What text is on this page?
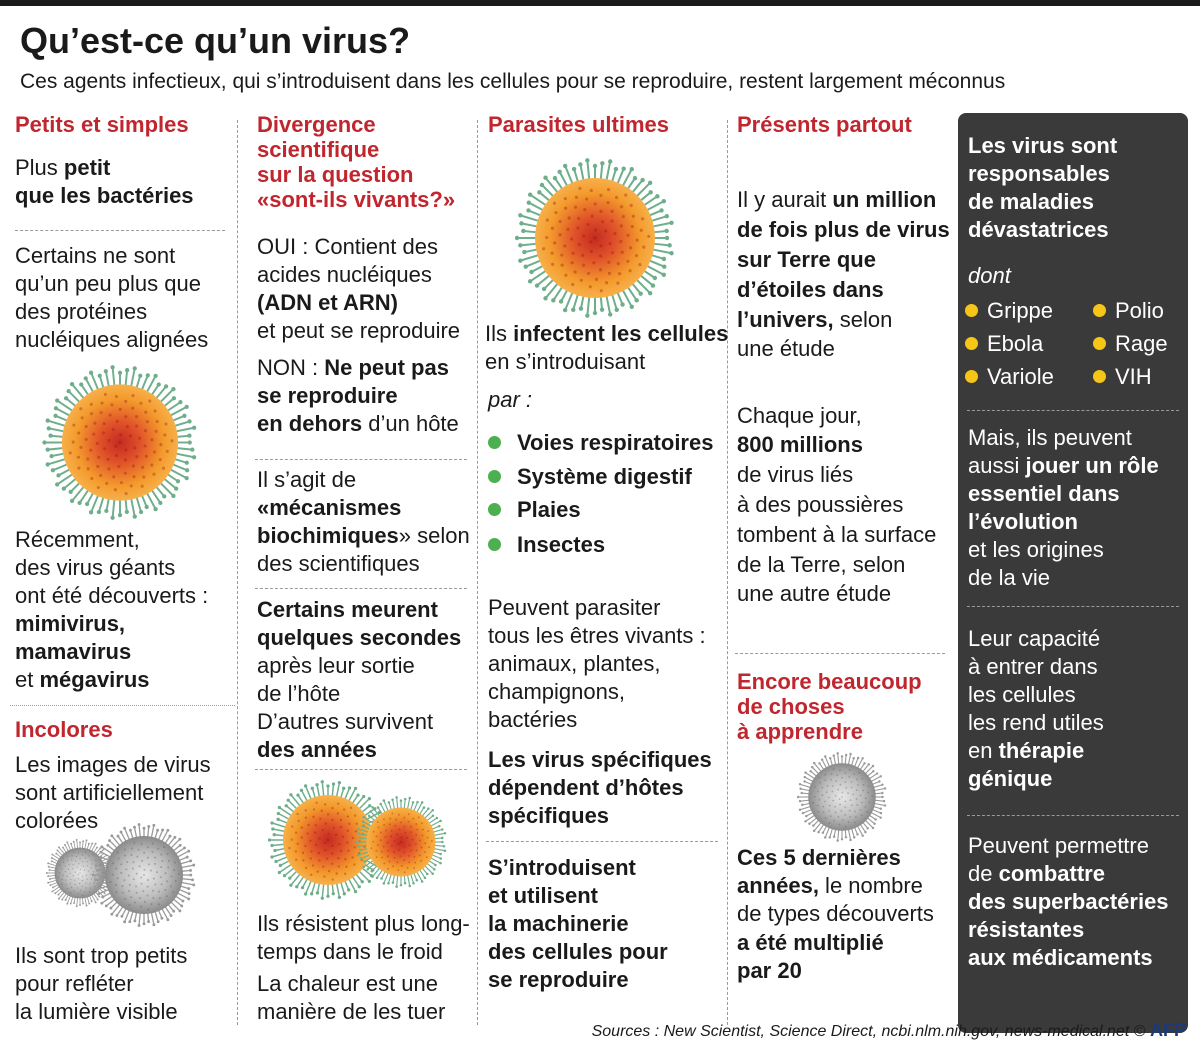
Qu’est-ce qu’un virus?
Ces agents infectieux, qui s’introduisent dans les cellules pour se reproduire, restent largement méconnus
Petits et simples
Plus petit
que les bactéries
Certains ne sont
qu’un peu plus que
des protéines
nucléiques alignées
Récemment,
des virus géants
ont été découverts :
mimivirus,
mamavirus
et mégavirus
Incolores
Les images de virus
sont artificiellement
colorées
Ils sont trop petits
pour refléter
la lumière visible
Divergence
scientifique
sur la question
«sont-ils vivants?»
OUI : Contient des
acides nucléiques
(ADN et ARN)
et peut se reproduire
NON : Ne peut pas
se reproduire
en dehors d’un hôte
Il s’agit de
«mécanismes
biochimiques» selon
des scientifiques
Certains meurent
quelques secondes
après leur sortie
de l’hôte
D’autres survivent
des années
Ils résistent plus long-
temps dans le froid
La chaleur est une
manière de les tuer
Parasites ultimes
Ils infectent les cellules
en s’introduisant
par :
Voies respiratoires
Système digestif
Plaies
Insectes
Peuvent parasiter
tous les êtres vivants :
animaux, plantes,
champignons,
bactéries
Les virus spécifiques
dépendent d’hôtes
spécifiques
S’introduisent
et utilisent
la machinerie
des cellules pour
se reproduire
Présents partout
Il y aurait un million
de fois plus de virus
sur Terre que
d’étoiles dans
l’univers, selon
une étude
Chaque jour,
800 millions
de virus liés
à des poussières
tombent à la surface
de la Terre, selon
une autre étude
Encore beaucoup
de choses
à apprendre
Ces 5 dernières
années, le nombre
de types découverts
a été multiplié
par 20
Les virus sont
responsables
de maladies
dévastatrices
dont
Grippe
Ebola
Variole
Polio
Rage
VIH
Mais, ils peuvent
aussi jouer un rôle
essentiel dans
l’évolution
et les origines
de la vie
Leur capacité
à entrer dans
les cellules
les rend utiles
en thérapie
génique
Peuvent permettre
de combattre
des superbactéries
résistantes
aux médicaments
Sources : New Scientist, Science Direct, ncbi.nlm.nih.gov, news-medical.net © AFP
